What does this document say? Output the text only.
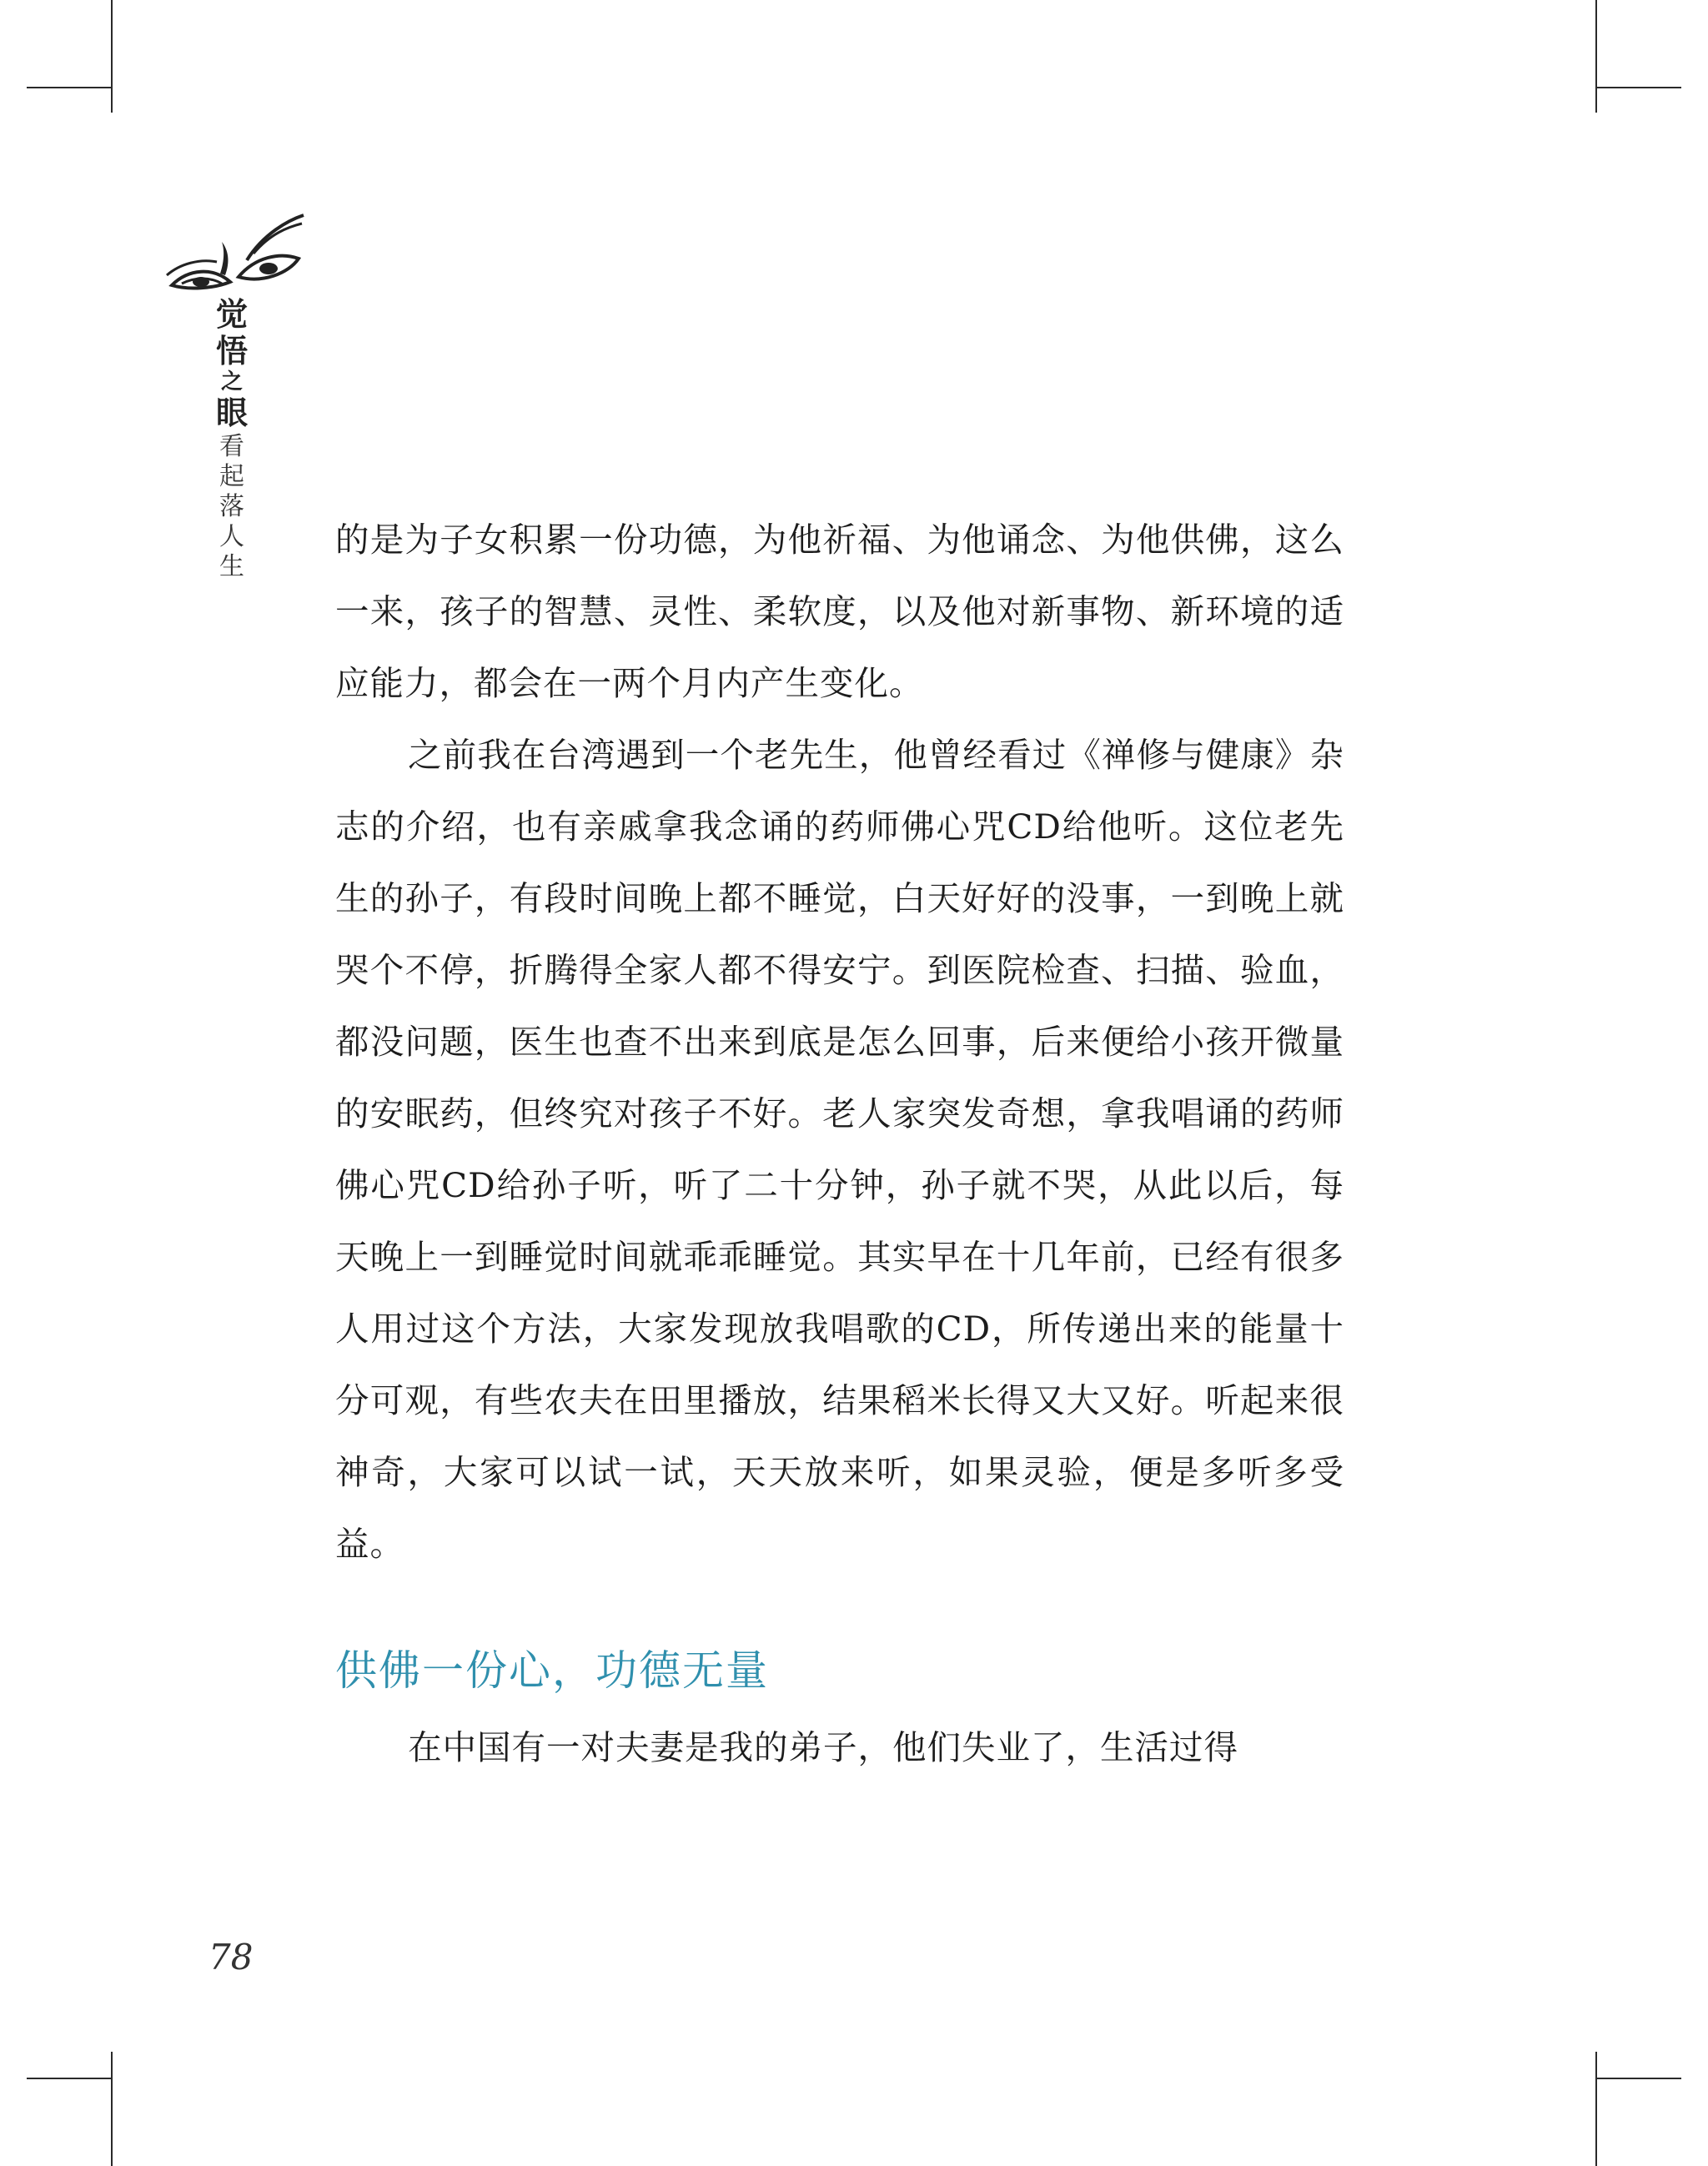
觉
悟
之
眼
看
起
落
人
生

的是为子女积累一份功德，为他祈福、为他诵念、为他供佛，这么一来，孩子的智慧、灵性、柔软度，以及他对新事物、新环境的适应能力，都会在一两个月内产生变化。

之前我在台湾遇到一个老先生，他曾经看过《禅修与健康》杂志的介绍，也有亲戚拿我念诵的药师佛心咒CD给他听。这位老先生的孙子，有段时间晚上都不睡觉，白天好好的没事，一到晚上就哭个不停，折腾得全家人都不得安宁。到医院检查、扫描、验血，都没问题，医生也查不出来到底是怎么回事，后来便给小孩开微量的安眠药，但终究对孩子不好。老人家突发奇想，拿我唱诵的药师佛心咒CD给孙子听，听了二十分钟，孙子就不哭，从此以后，每天晚上一到睡觉时间就乖乖睡觉。其实早在十几年前，已经有很多人用过这个方法，大家发现放我唱歌的CD，所传递出来的能量十分可观，有些农夫在田里播放，结果稻米长得又大又好。听起来很神奇，大家可以试一试，天天放来听，如果灵验，便是多听多受益。

供佛一份心，功德无量

在中国有一对夫妻是我的弟子，他们失业了，生活过得

78
